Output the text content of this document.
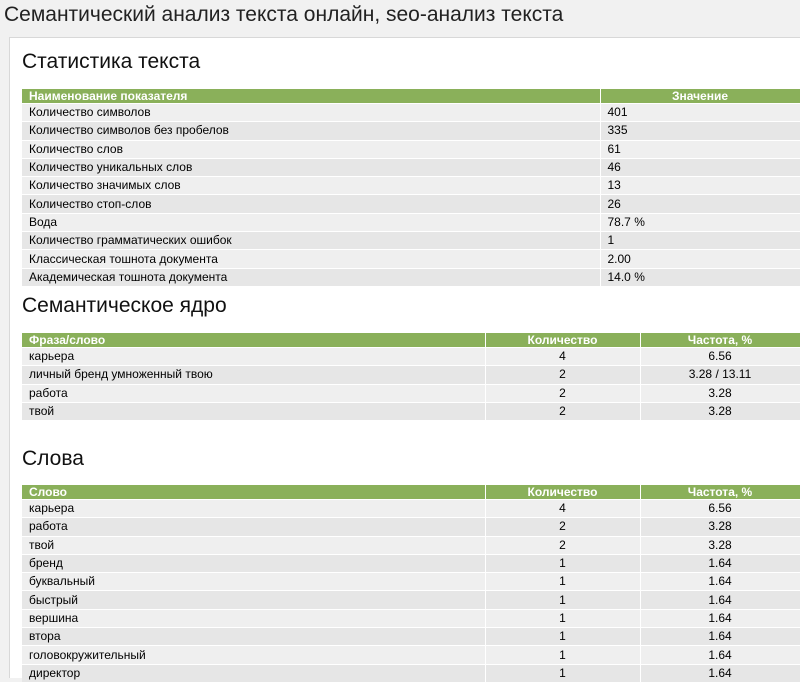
Семантический анализ текста онлайн, seo-анализ текста
Статистика текста
Наименование показателя	Значение
Количество символов	401
Количество символов без пробелов	335
Количество слов	61
Количество уникальных слов	46
Количество значимых слов	13
Количество стоп-слов	26
Вода	78.7 %
Количество грамматических ошибок	1
Классическая тошнота документа	2.00
Академическая тошнота документа	14.0 %
Семантическое ядро
Фраза/слово	Количество	Частота, %
карьера	4	6.56
личный бренд умноженный твою	2	3.28 / 13.11
работа	2	3.28
твой	2	3.28
Слова
Слово	Количество	Частота, %
карьера	4	6.56
работа	2	3.28
твой	2	3.28
бренд	1	1.64
буквальный	1	1.64
быстрый	1	1.64
вершина	1	1.64
втора	1	1.64
головокружительный	1	1.64
директор	1	1.64
